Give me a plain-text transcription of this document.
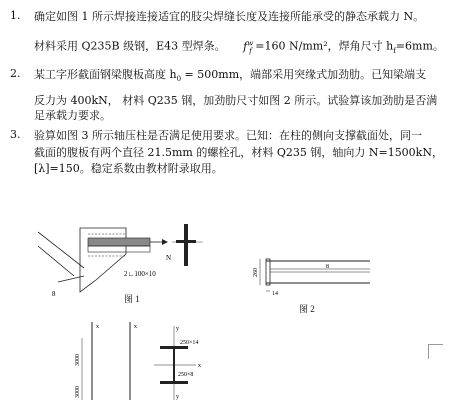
1. 确定如图 1 所示焊接连接适宜的肢尖焊缝长度及连接所能承受的静态承载力 N。
材料采用 Q235B 级钢，E43 型焊条。 $f^w_f =160$ N/mm²，焊角尺寸 $h_f=6mm$。
2. 某工字形截面钢梁腹板高度 $h_0 = 500mm$，端部采用突缘式加劲肋。已知梁端支
反力为 400kN， 材料 Q235 钢，加劲肋尺寸如图 2 所示。试验算该加劲肋是否满
足承载力要求。
3. 验算如图 3 所示轴压柱是否满足使用要求。已知：在柱的侧向支撑截面处，同一
截面的腹板有两个直径 21.5mm 的螺栓孔，材料 Q235 钢，轴向力 N=1500kN，
[λ]=150。稳定系数由教材附录取用。
N
8
2∟100×10
图 1
260
8
14
图 2
x
3000
3000
x	y
x
y
250×14
250×8
